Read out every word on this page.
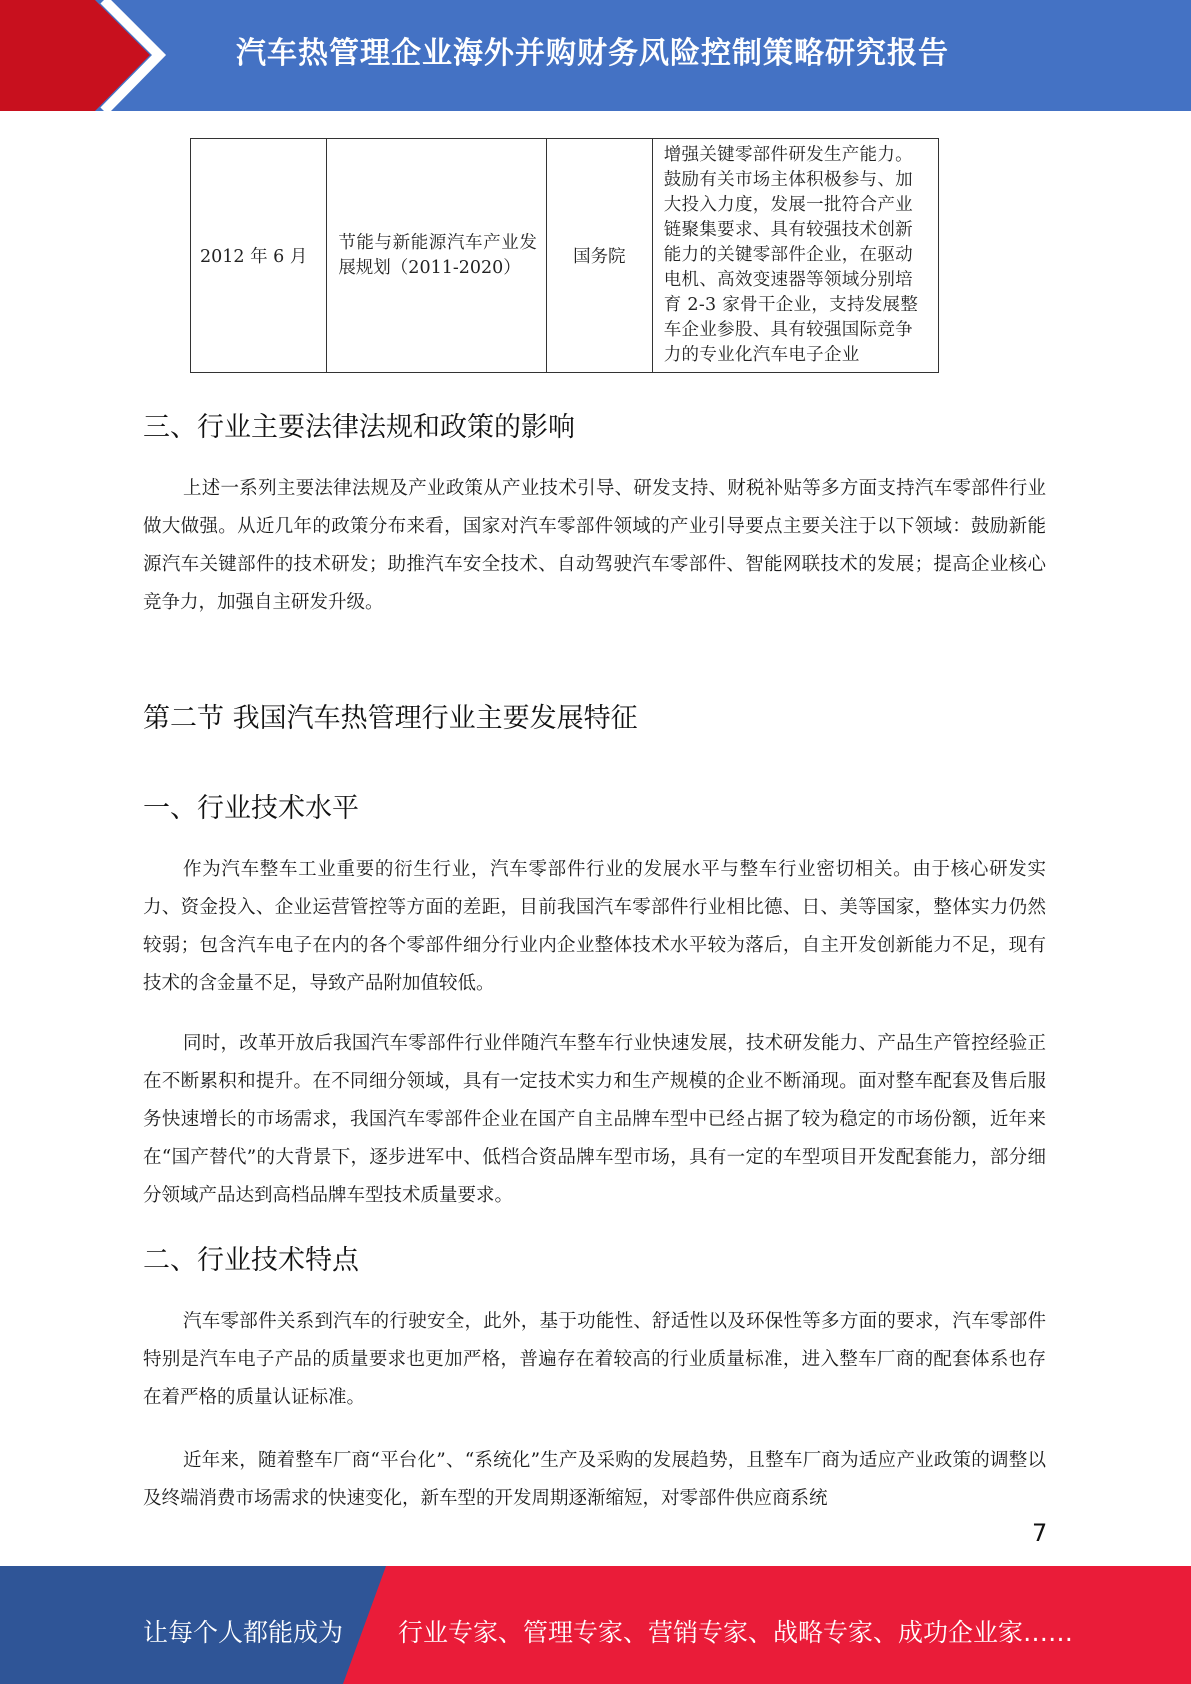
汽车热管理企业海外并购财务风险控制策略研究报告
2012 年 6 月	节能与新能源汽车产业发展规划（2011-2020）	国务院	增强关键零部件研发生产能力。鼓励有关市场主体积极参与、加大投入力度，发展一批符合产业链聚集要求、具有较强技术创新能力的关键零部件企业，在驱动电机、高效变速器等领域分别培育 2-3 家骨干企业，支持发展整车企业参股、具有较强国际竞争力的专业化汽车电子企业
三、行业主要法律法规和政策的影响
上述一系列主要法律法规及产业政策从产业技术引导、研发支持、财税补贴等多方面支持汽车零部件行业做大做强。从近几年的政策分布来看，国家对汽车零部件领域的产业引导要点主要关注于以下领域：鼓励新能源汽车关键部件的技术研发；助推汽车安全技术、自动驾驶汽车零部件、智能网联技术的发展；提高企业核心竞争力，加强自主研发升级。
第二节 我国汽车热管理行业主要发展特征
一、行业技术水平
作为汽车整车工业重要的衍生行业，汽车零部件行业的发展水平与整车行业密切相关。由于核心研发实力、资金投入、企业运营管控等方面的差距，目前我国汽车零部件行业相比德、日、美等国家，整体实力仍然较弱；包含汽车电子在内的各个零部件细分行业内企业整体技术水平较为落后，自主开发创新能力不足，现有技术的含金量不足，导致产品附加值较低。
同时，改革开放后我国汽车零部件行业伴随汽车整车行业快速发展，技术研发能力、产品生产管控经验正在不断累积和提升。在不同细分领域，具有一定技术实力和生产规模的企业不断涌现。面对整车配套及售后服务快速增长的市场需求，我国汽车零部件企业在国产自主品牌车型中已经占据了较为稳定的市场份额，近年来在“国产替代”的大背景下，逐步进军中、低档合资品牌车型市场，具有一定的车型项目开发配套能力，部分细分领域产品达到高档品牌车型技术质量要求。
二、行业技术特点
汽车零部件关系到汽车的行驶安全，此外，基于功能性、舒适性以及环保性等多方面的要求，汽车零部件特别是汽车电子产品的质量要求也更加严格，普遍存在着较高的行业质量标准，进入整车厂商的配套体系也存在着严格的质量认证标准。
近年来，随着整车厂商“平台化”、“系统化”生产及采购的发展趋势，且整车厂商为适应产业政策的调整以及终端消费市场需求的快速变化，新车型的开发周期逐渐缩短，对零部件供应商系统
7
让每个人都能成为 行业专家、管理专家、营销专家、战略专家、成功企业家……
